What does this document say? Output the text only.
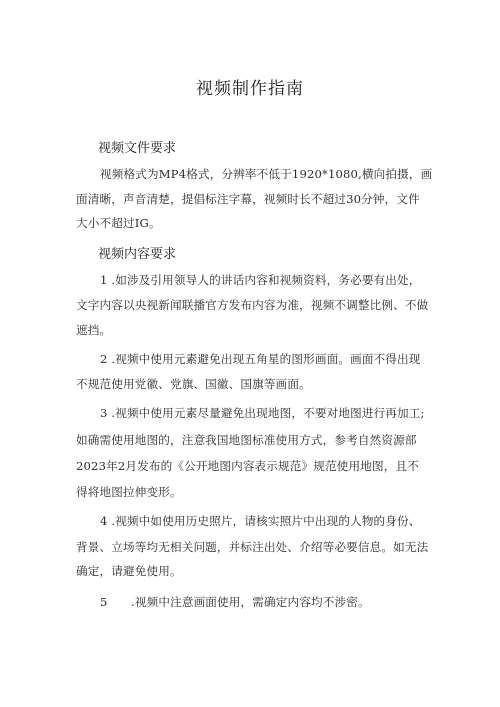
视频制作指南
视频文件要求
视频格式为MP4格式，分辨率不低于1920*1080,横向拍摄，画
面清晰，声音清楚，提倡标注字幕，视频时长不超过30分钟，文件
大小不超过IG。
视频内容要求
1 .如涉及引用领导人的讲话内容和视频资料，务必要有出处，
文字内容以央视新闻联播官方发布内容为准，视频不调整比例、不做
遮挡。
2 .视频中使用元素避免出现五角星的图形画面。画面不得出现
不规范使用党徽、党旗、国徽、国旗等画面。
3 .视频中使用元素尽量避免出现地图，不要对地图进行再加工;
如确需使用地图的，注意我国地图标准使用方式，参考自然资源部
2023年2月发布的《公开地图内容表示规范》规范使用地图，且不
得将地图拉伸变形。
4 .视频中如使用历史照片，请核实照片中出现的人物的身份、
背景、立场等均无相关问题，并标注出处、介绍等必要信息。如无法
确定，请避免使用。
5　　.视频中注意画面使用，需确定内容均不涉密。
